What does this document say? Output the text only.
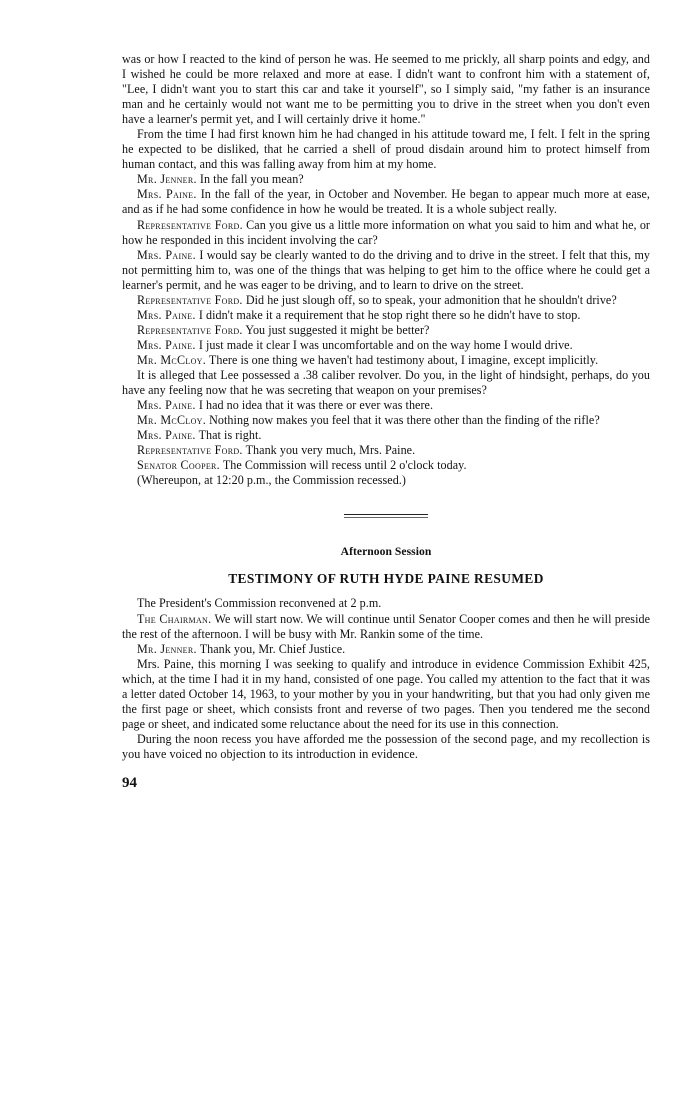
was or how I reacted to the kind of person he was. He seemed to me prickly, all sharp points and edgy, and I wished he could be more relaxed and more at ease. I didn't want to confront him with a statement of, "Lee, I didn't want you to start this car and take it yourself", so I simply said, "my father is an insurance man and he certainly would not want me to be permitting you to drive in the street when you don't even have a learner's permit yet, and I will certainly drive it home."

From the time I had first known him he had changed in his attitude toward me, I felt. I felt in the spring he expected to be disliked, that he carried a shell of proud disdain around him to protect himself from human contact, and this was falling away from him at my home.

Mr. Jenner. In the fall you mean?

Mrs. Paine. In the fall of the year, in October and November. He began to appear much more at ease, and as if he had some confidence in how he would be treated. It is a whole subject really.

Representative Ford. Can you give us a little more information on what you said to him and what he, or how he responded in this incident involving the car?

Mrs. Paine. I would say be clearly wanted to do the driving and to drive in the street. I felt that this, my not permitting him to, was one of the things that was helping to get him to the office where he could get a learner's permit, and he was eager to be driving, and to learn to drive on the street.

Representative Ford. Did he just slough off, so to speak, your admonition that he shouldn't drive?

Mrs. Paine. I didn't make it a requirement that he stop right there so he didn't have to stop.

Representative Ford. You just suggested it might be better?

Mrs. Paine. I just made it clear I was uncomfortable and on the way home I would drive.

Mr. McCloy. There is one thing we haven't had testimony about, I imagine, except implicitly.

It is alleged that Lee possessed a .38 caliber revolver. Do you, in the light of hindsight, perhaps, do you have any feeling now that he was secreting that weapon on your premises?

Mrs. Paine. I had no idea that it was there or ever was there.

Mr. McCloy. Nothing now makes you feel that it was there other than the finding of the rifle?

Mrs. Paine. That is right.

Representative Ford. Thank you very much, Mrs. Paine.

Senator Cooper. The Commission will recess until 2 o'clock today.

(Whereupon, at 12:20 p.m., the Commission recessed.)

Afternoon Session
TESTIMONY OF RUTH HYDE PAINE RESUMED

The President's Commission reconvened at 2 p.m.

The Chairman. We will start now. We will continue until Senator Cooper comes and then he will preside the rest of the afternoon. I will be busy with Mr. Rankin some of the time.

Mr. Jenner. Thank you, Mr. Chief Justice.

Mrs. Paine, this morning I was seeking to qualify and introduce in evidence Commission Exhibit 425, which, at the time I had it in my hand, consisted of one page. You called my attention to the fact that it was a letter dated October 14, 1963, to your mother by you in your handwriting, but that you had only given me the first page or sheet, which consists front and reverse of two pages. Then you tendered me the second page or sheet, and indicated some reluctance about the need for its use in this connection.

During the noon recess you have afforded me the possession of the second page, and my recollection is you have voiced no objection to its introduction in evidence.

94
